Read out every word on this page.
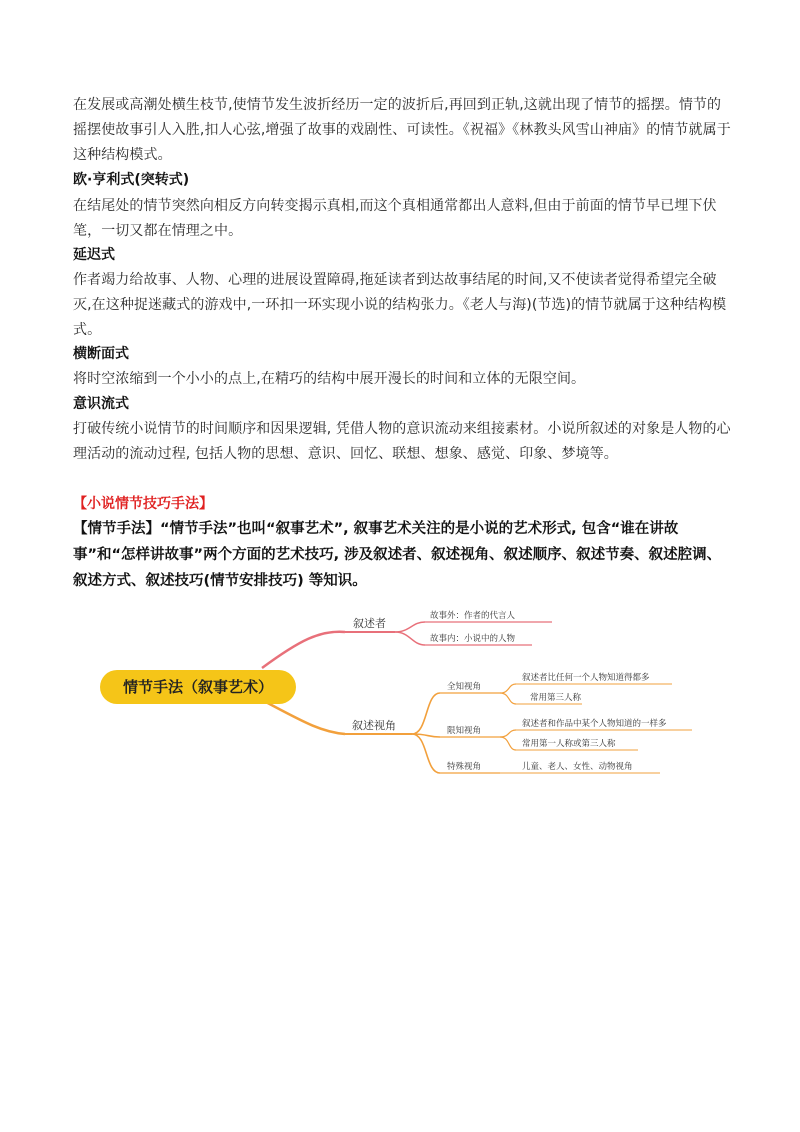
在发展或高潮处横生枝节,使情节发生波折经历一定的波折后,再回到正轨,这就出现了情节的摇摆。情节的摇摆使故事引人入胜,扣人心弦,增强了故事的戏剧性、可读性。《祝福》《林教头风雪山神庙》的情节就属于这种结构模式。
欧·亨利式(突转式)
在结尾处的情节突然向相反方向转变揭示真相,而这个真相通常都出人意料,但由于前面的情节早已埋下伏笔，一切又都在情理之中。
延迟式
作者竭力给故事、人物、心理的进展设置障碍,拖延读者到达故事结尾的时间,又不使读者觉得希望完全破灭,在这种捉迷藏式的游戏中,一环扣一环实现小说的结构张力。《老人与海)(节选)的情节就属于这种结构模式。
横断面式
将时空浓缩到一个小小的点上,在精巧的结构中展开漫长的时间和立体的无限空间。
意识流式
打破传统小说情节的时间顺序和因果逻辑, 凭借人物的意识流动来组接素材。小说所叙述的对象是人物的心理活动的流动过程, 包括人物的思想、意识、回忆、联想、想象、感觉、印象、梦境等。
【小说情节技巧手法】
【情节手法】“情节手法”也叫“叙事艺术”, 叙事艺术关注的是小说的艺术形式, 包含“谁在讲故事”和“怎样讲故事”两个方面的艺术技巧, 涉及叙述者、叙述视角、叙述顺序、叙述节奏、叙述腔调、叙述方式、叙述技巧(情节安排技巧) 等知识。
情节手法（叙事艺术）
叙述者
故事外：作者的代言人
故事内：小说中的人物
叙述视角
全知视角
限知视角
特殊视角
叙述者比任何一个人物知道得都多
常用第三人称
叙述者和作品中某个人物知道的一样多
常用第一人称或第三人称
儿童、老人、女性、动物视角
